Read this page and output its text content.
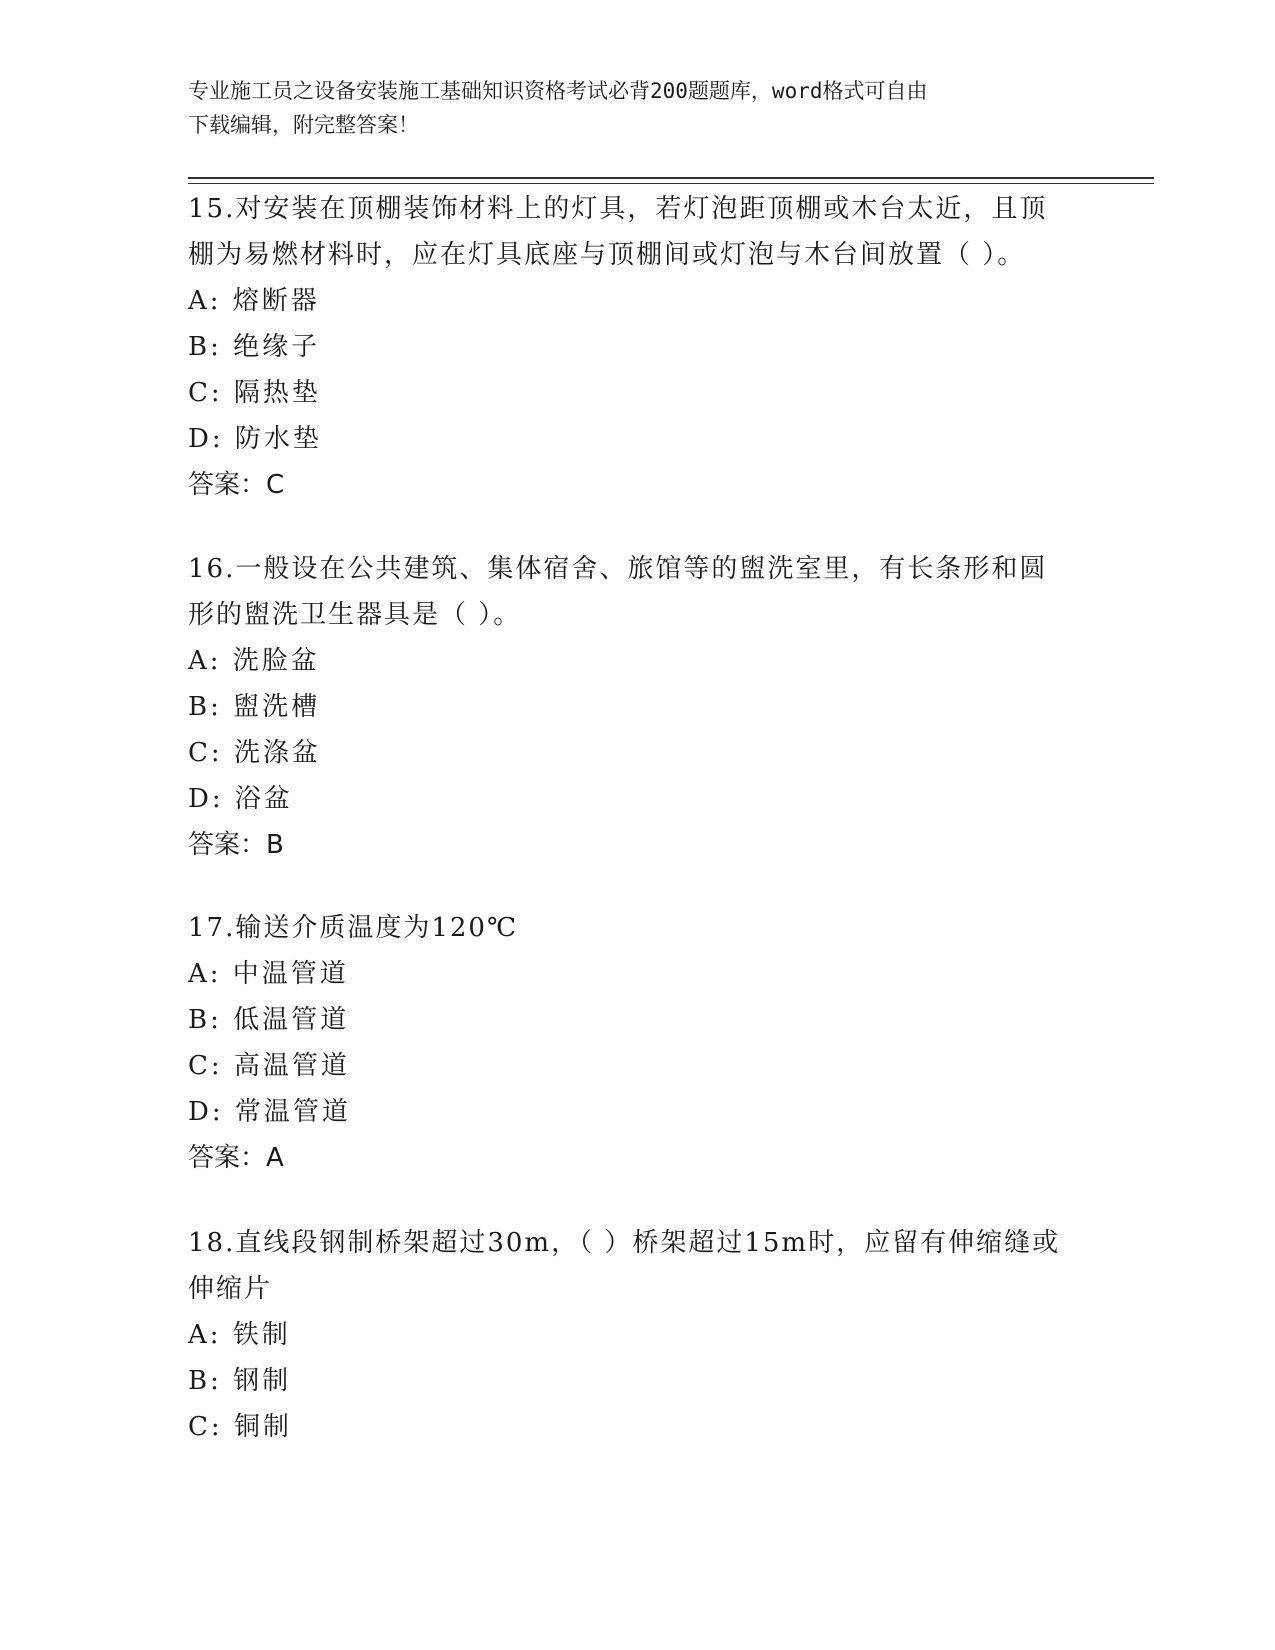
专业施工员之设备安装施工基础知识资格考试必背200题题库，word格式可自由
下载编辑，附完整答案！
15.对安装在顶棚装饰材料上的灯具，若灯泡距顶棚或木台太近，且顶
棚为易燃材料时，应在灯具底座与顶棚间或灯泡与木台间放置（ ）。
A: 熔断器
B: 绝缘子
C: 隔热垫
D: 防水垫
答案：C
16.一般设在公共建筑、集体宿舍、旅馆等的盥洗室里，有长条形和圆
形的盥洗卫生器具是（ ）。
A: 洗脸盆
B: 盥洗槽
C: 洗涤盆
D: 浴盆
答案：B
17.输送介质温度为120℃
A: 中温管道
B: 低温管道
C: 高温管道
D: 常温管道
答案：A
18.直线段钢制桥架超过30m，（ ）桥架超过15m时，应留有伸缩缝或
伸缩片
A: 铁制
B: 钢制
C: 铜制
